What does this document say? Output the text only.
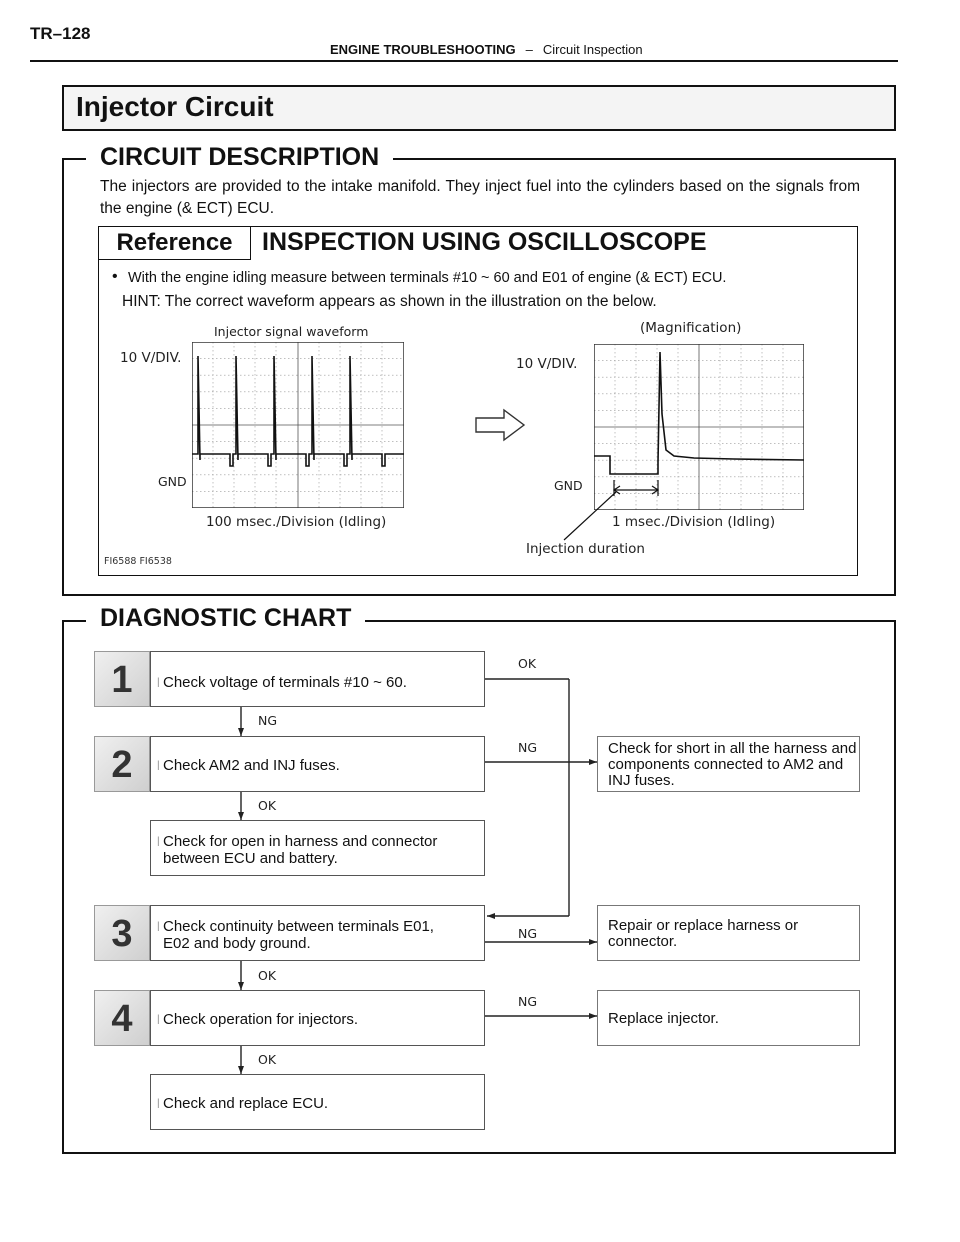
TR–128
ENGINE TROUBLESHOOTING – Circuit Inspection
Injector Circuit
CIRCUIT DESCRIPTION
The injectors are provided to the intake manifold. They inject fuel into the cylinders based on the signals from the engine (& ECT) ECU.
Reference	INSPECTION USING OSCILLOSCOPE
• With the engine idling measure between terminals #10 ~ 60 and E01 of engine (& ECT) ECU.
HINT: The correct waveform appears as shown in the illustration on the below.
Injector signal waveform
10 V/DIV.
GND
100 msec./Division (Idling)
(Magnification)
10 V/DIV.
GND
1 msec./Division (Idling)
Injection duration
FI6588 FI6538
DIAGNOSTIC CHART
1
2
3
4
| Check voltage of terminals #10 ~ 60.
| Check AM2 and INJ fuses.
| Check for open in harness and connector between ECU and battery.
| Check continuity between terminals E01, E02 and body ground.
| Check operation for injectors.
| Check and replace ECU.
Check for short in all the harness and components connected to AM2 and INJ fuses.
Repair or replace harness or connector.
Replace injector.
OK
NG
NG
OK
NG
OK
NG
OK
